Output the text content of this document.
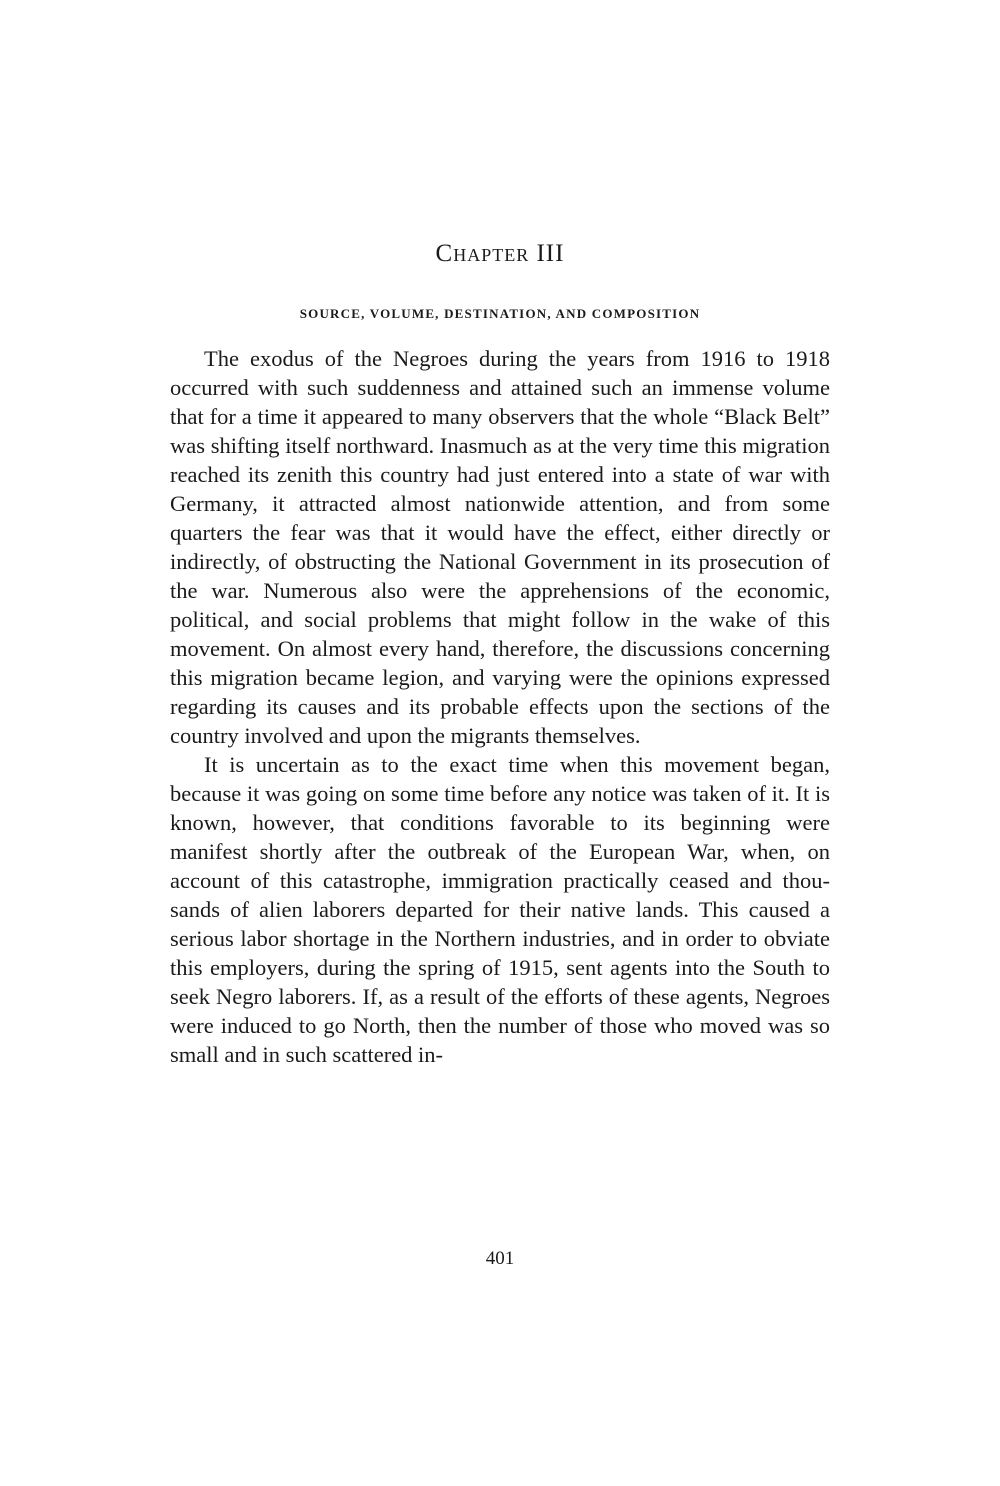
Chapter III
SOURCE, VOLUME, DESTINATION, AND COMPOSITION

The exodus of the Negroes during the years from 1916 to 1918 occurred with such suddenness and attained such an immense volume that for a time it appeared to many observers that the whole “Black Belt” was shifting itself northward. Inasmuch as at the very time this migration reached its zenith this country had just entered into a state of war with Germany, it attracted almost nationwide attention, and from some quarters the fear was that it would have the effect, either directly or indirectly, of obstructing the National Government in its prosecution of the war. Numerous also were the apprehensions of the economic, political, and social problems that might follow in the wake of this movement. On almost every hand, therefore, the discussions concerning this migration became legion, and varying were the opinions expressed regarding its causes and its probable effects upon the sections of the country involved and upon the migrants themselves.

It is uncertain as to the exact time when this movement began, because it was going on some time before any notice was taken of it. It is known, however, that conditions favorable to its beginning were manifest shortly after the outbreak of the European War, when, on account of this catastrophe, immigration practically ceased and thousands of alien laborers departed for their native lands. This caused a serious labor shortage in the Northern industries, and in order to obviate this employers, during the spring of 1915, sent agents into the South to seek Negro laborers. If, as a result of the efforts of these agents, Negroes were induced to go North, then the number of those who moved was so small and in such scattered in-

401
